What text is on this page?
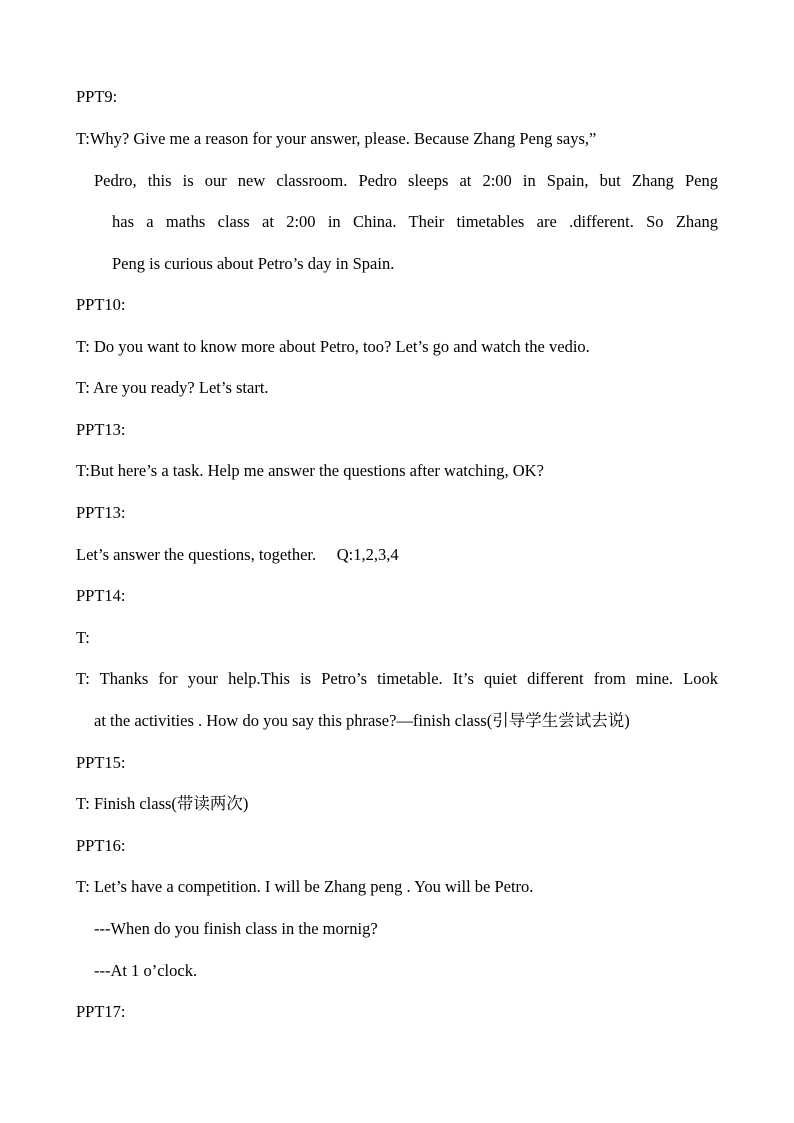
PPT9:
T:Why? Give me a reason for your answer, please. Because Zhang Peng says,”
Pedro, this is our new classroom. Pedro sleeps at 2:00 in Spain, but Zhang Peng
has a maths class at 2:00 in China. Their timetables are .different. So Zhang
Peng is curious about Petro’s day in Spain.
PPT10:
T: Do you want to know more about Petro, too? Let’s go and watch the vedio.
T: Are you ready? Let’s start.
PPT13:
T:But here’s a task. Help me answer the questions after watching, OK?
PPT13:
Let’s answer the questions, together.     Q:1,2,3,4
PPT14:
T:
T: Thanks for your help.This is Petro’s timetable. It’s quiet different from mine. Look
at the activities . How do you say this phrase?—finish class(引导学生尝试去说)
PPT15:
T: Finish class(带读两次)
PPT16:
T: Let’s have a competition. I will be Zhang peng . You will be Petro.
---When do you finish class in the mornig?
---At 1 o’clock.
PPT17:
